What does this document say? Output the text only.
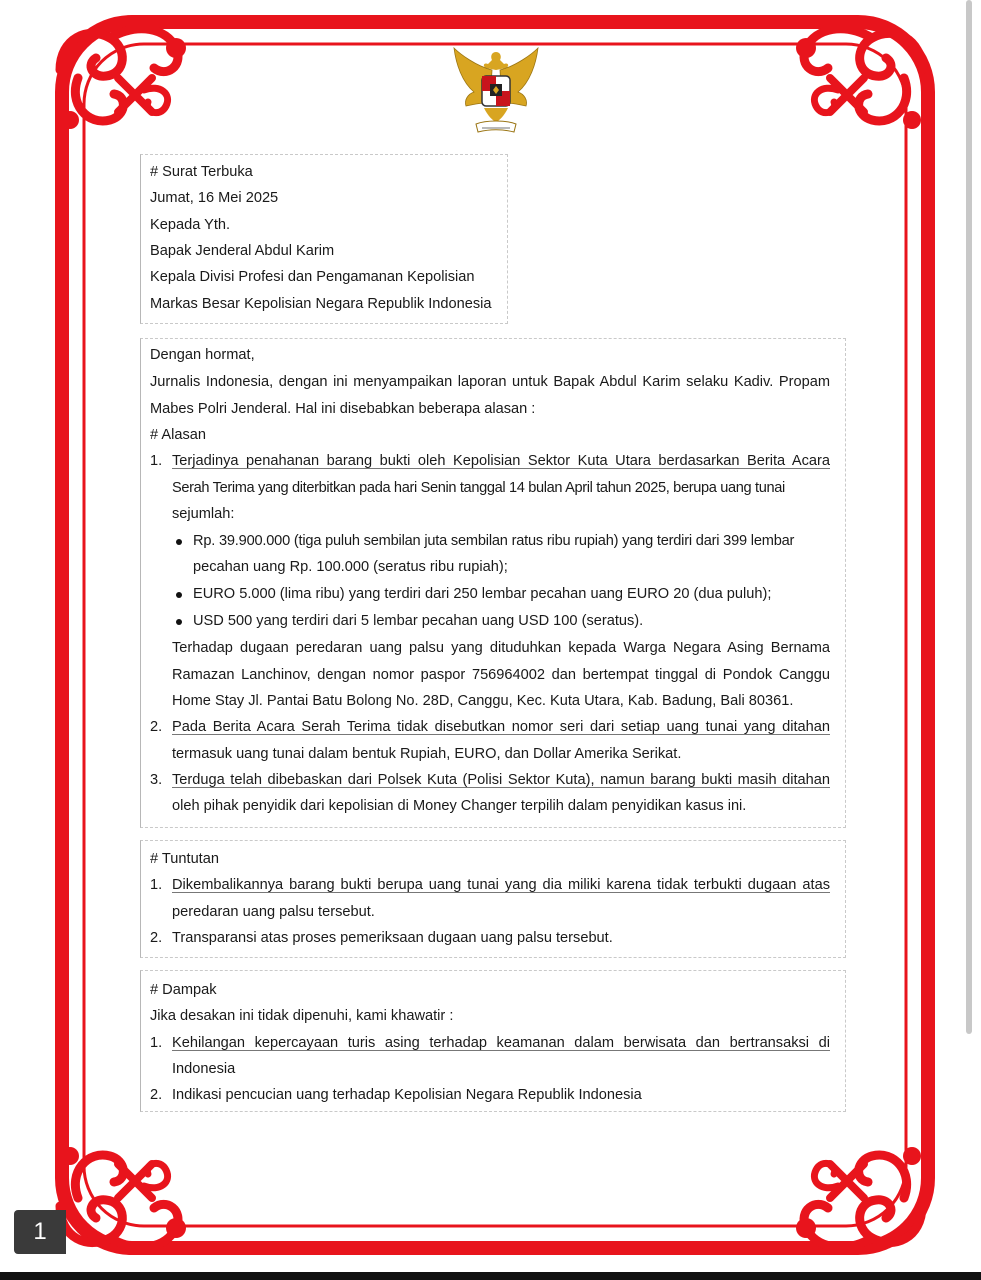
# Surat Terbuka
Jumat, 16 Mei 2025
Kepada Yth.
Bapak Jenderal Abdul Karim
Kepala Divisi Profesi dan Pengamanan Kepolisian
Markas Besar Kepolisian Negara Republik Indonesia
Dengan hormat,
Jurnalis Indonesia, dengan ini menyampaikan laporan untuk Bapak Abdul Karim selaku Kadiv. Propam
Mabes Polri Jenderal. Hal ini disebabkan beberapa alasan :
# Alasan
1. Terjadinya penahanan barang bukti oleh Kepolisian Sektor Kuta Utara berdasarkan Berita Acara
Serah Terima yang diterbitkan pada hari Senin tanggal 14 bulan April tahun 2025, berupa uang tunai
sejumlah:
Rp. 39.900.000 (tiga puluh sembilan juta sembilan ratus ribu rupiah) yang terdiri dari 399 lembar
pecahan uang Rp. 100.000 (seratus ribu rupiah);
EURO 5.000 (lima ribu) yang terdiri dari 250 lembar pecahan uang EURO 20 (dua puluh);
USD 500 yang terdiri dari 5 lembar pecahan uang USD 100 (seratus).
Terhadap dugaan peredaran uang palsu yang dituduhkan kepada Warga Negara Asing Bernama
Ramazan Lanchinov, dengan nomor paspor 756964002 dan bertempat tinggal di Pondok Canggu
Home Stay Jl. Pantai Batu Bolong No. 28D, Canggu, Kec. Kuta Utara, Kab. Badung, Bali 80361.
2. Pada Berita Acara Serah Terima tidak disebutkan nomor seri dari setiap uang tunai yang ditahan
termasuk uang tunai dalam bentuk Rupiah, EURO, dan Dollar Amerika Serikat.
3. Terduga telah dibebaskan dari Polsek Kuta (Polisi Sektor Kuta), namun barang bukti masih ditahan
oleh pihak penyidik dari kepolisian di Money Changer terpilih dalam penyidikan kasus ini.
# Tuntutan
1. Dikembalikannya barang bukti berupa uang tunai yang dia miliki karena tidak terbukti dugaan atas
peredaran uang palsu tersebut.
2. Transparansi atas proses pemeriksaan dugaan uang palsu tersebut.
# Dampak
Jika desakan ini tidak dipenuhi, kami khawatir :
1. Kehilangan kepercayaan turis asing terhadap keamanan dalam berwisata dan bertransaksi di
Indonesia
2. Indikasi pencucian uang terhadap Kepolisian Negara Republik Indonesia
1
